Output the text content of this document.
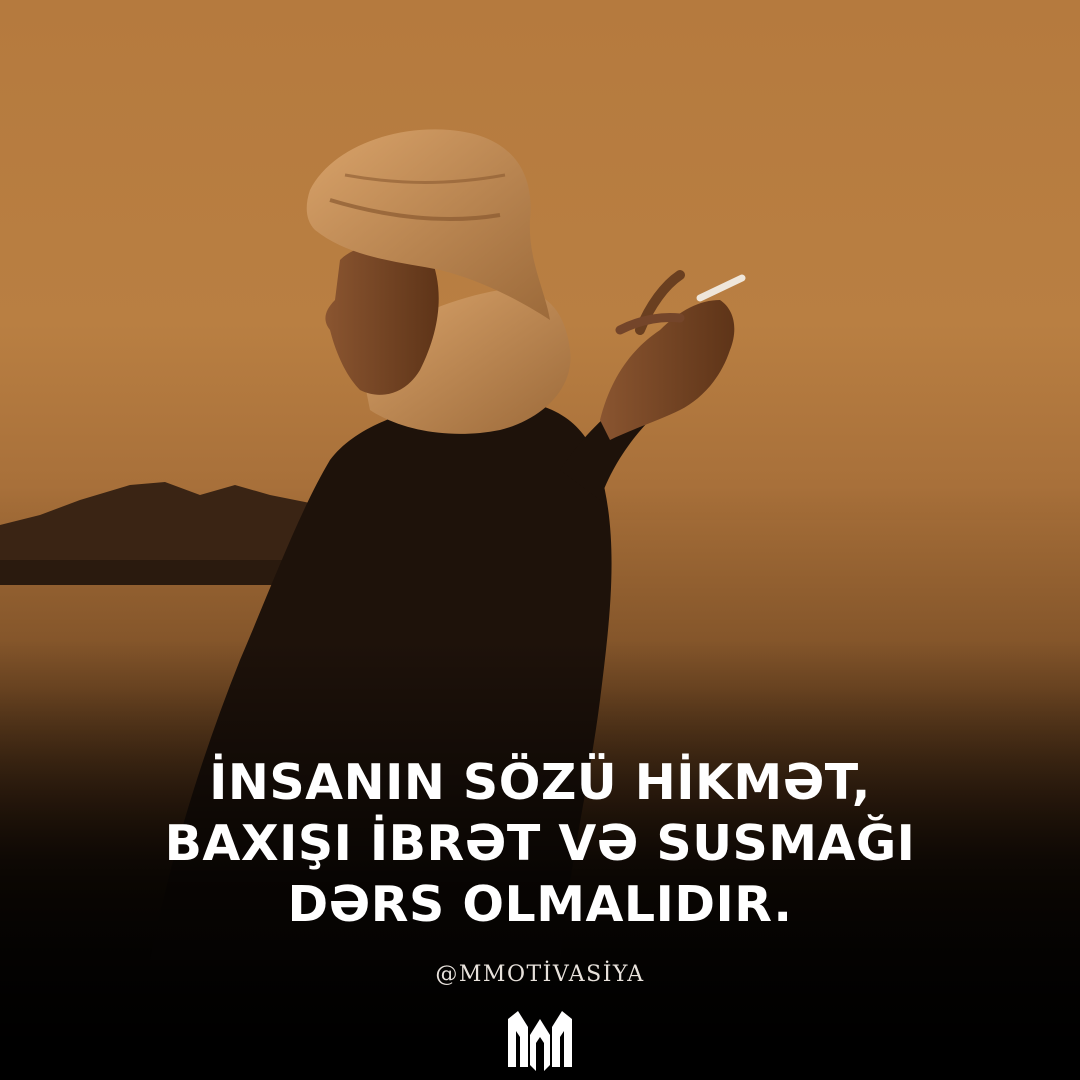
İNSANIN SÖZÜ HİKMƏT,
BAXIŞI İBRƏT VƏ SUSMAĞI
DƏRS OLMALIDIR.
@MMOTİVASİYA
